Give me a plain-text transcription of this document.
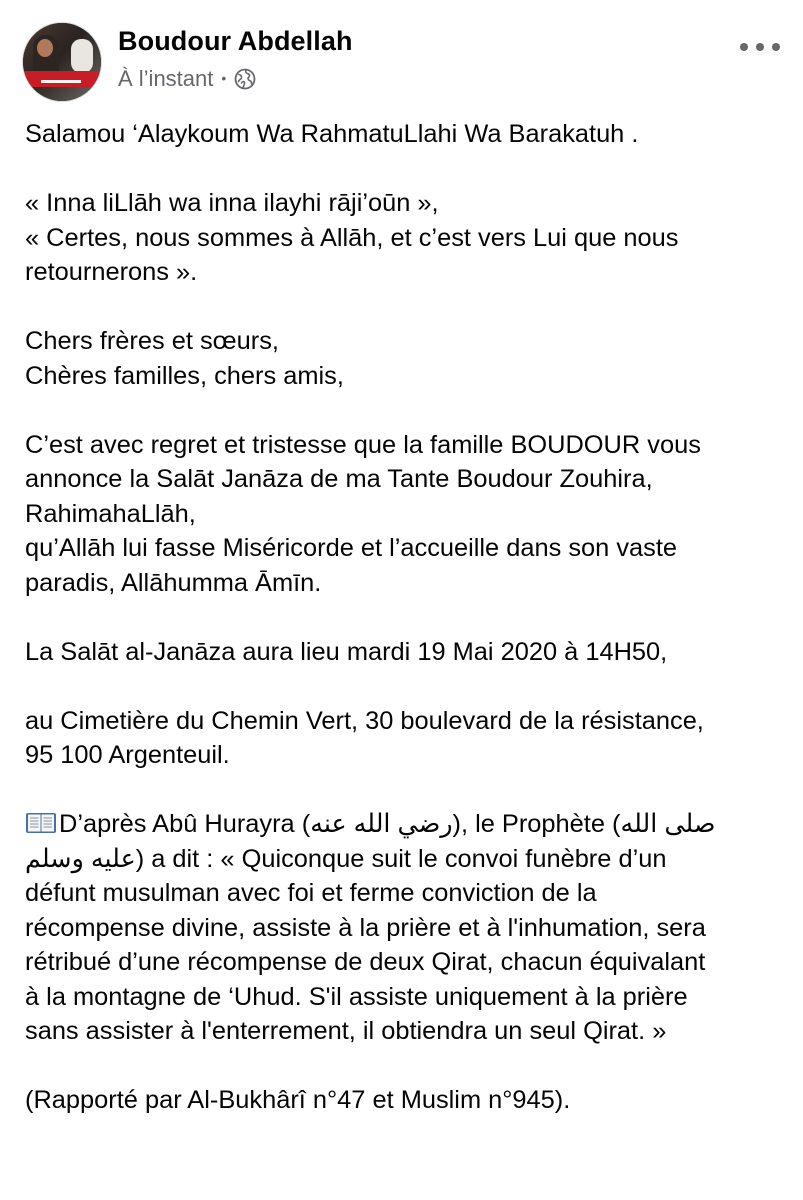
Boudour Abdellah
À l’instant •

Salamou ‘Alaykoum Wa RahmatuLlahi Wa Barakatuh .

« Inna liLlāh wa inna ilayhi rāji’oūn »,

« Certes, nous sommes à Allāh, et c’est vers Lui que nous

retournerons ».

Chers frères et sœurs,

Chères familles, chers amis,

C’est avec regret et tristesse que la famille BOUDOUR vous

annonce la Salāt Janāza de ma Tante Boudour Zouhira,

RahimahaLlāh,

qu’Allāh lui fasse Miséricorde et l’accueille dans son vaste

paradis, Allāhumma Āmīn.

La Salāt al-Janāza aura lieu mardi 19 Mai 2020 à 14H50,

au Cimetière du Chemin Vert, 30 boulevard de la résistance,

95 100 Argenteuil.

D’après Abû Hurayra (رضي الله عنه), le Prophète (صلى الله

عليه وسلم) a dit : « Quiconque suit le convoi funèbre d’un

défunt musulman avec foi et ferme conviction de la

récompense divine, assiste à la prière et à l'inhumation, sera

rétribué d’une récompense de deux Qirat, chacun équivalant

à la montagne de ‘Uhud. S'il assiste uniquement à la prière

sans assister à l'enterrement, il obtiendra un seul Qirat. »

(Rapporté par Al-Bukhârî n°47 et Muslim n°945).
